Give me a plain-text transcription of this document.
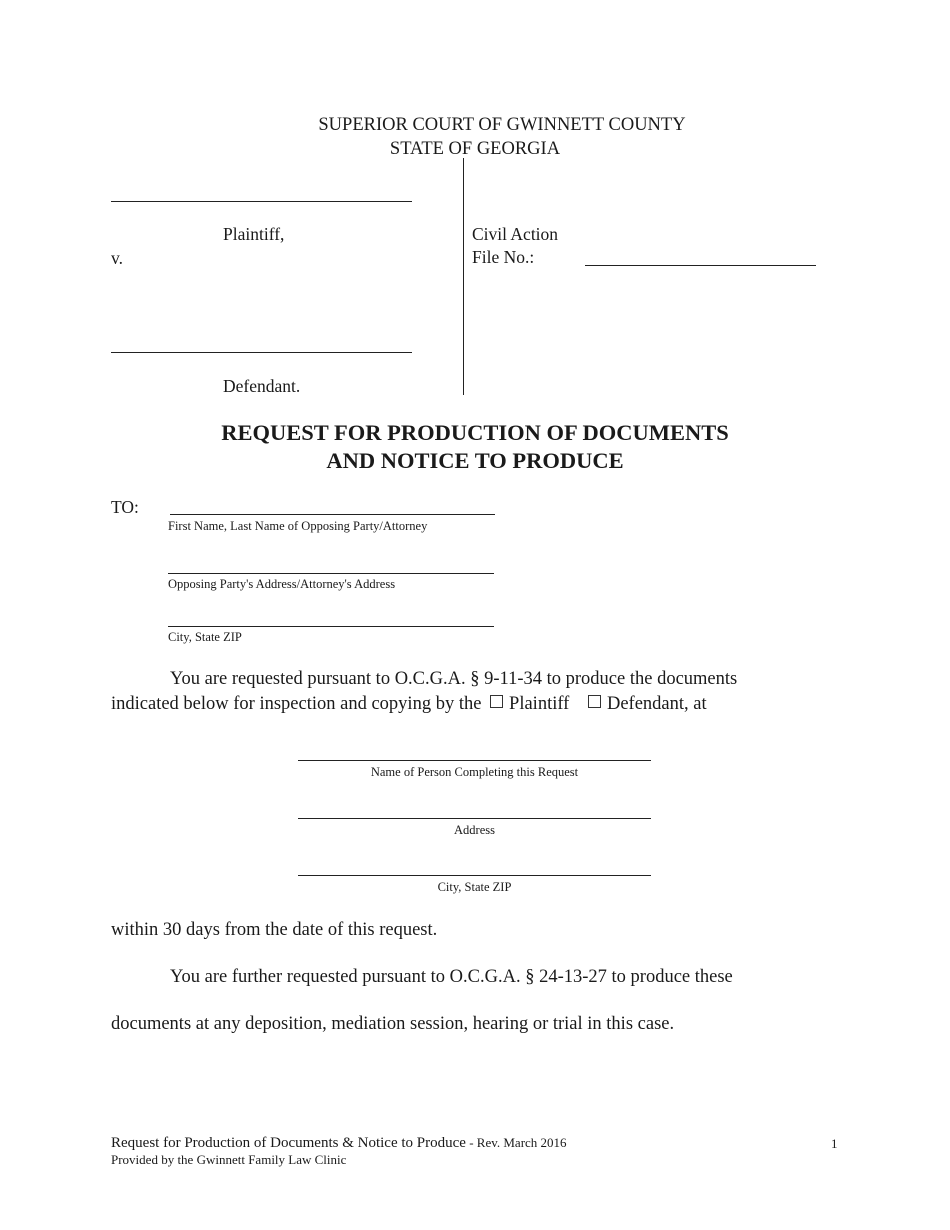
SUPERIOR COURT OF GWINNETT COUNTY
STATE OF GEORGIA
Plaintiff,
v.
Defendant.
Civil Action
File No.:
REQUEST FOR PRODUCTION OF DOCUMENTS
AND NOTICE TO PRODUCE
TO:
First Name, Last Name of Opposing Party/Attorney
Opposing Party's Address/Attorney's Address
City, State ZIP
You are requested pursuant to O.C.G.A. § 9-11-34 to produce the documents
indicated below for inspection and copying by the Plaintiff Defendant, at
Name of Person Completing this Request
Address
City, State ZIP
within 30 days from the date of this request.
You are further requested pursuant to O.C.G.A. § 24-13-27 to produce these
documents at any deposition, mediation session, hearing or trial in this case.
Request for Production of Documents & Notice to Produce - Rev. March 2016
Provided by the Gwinnett Family Law Clinic
1
